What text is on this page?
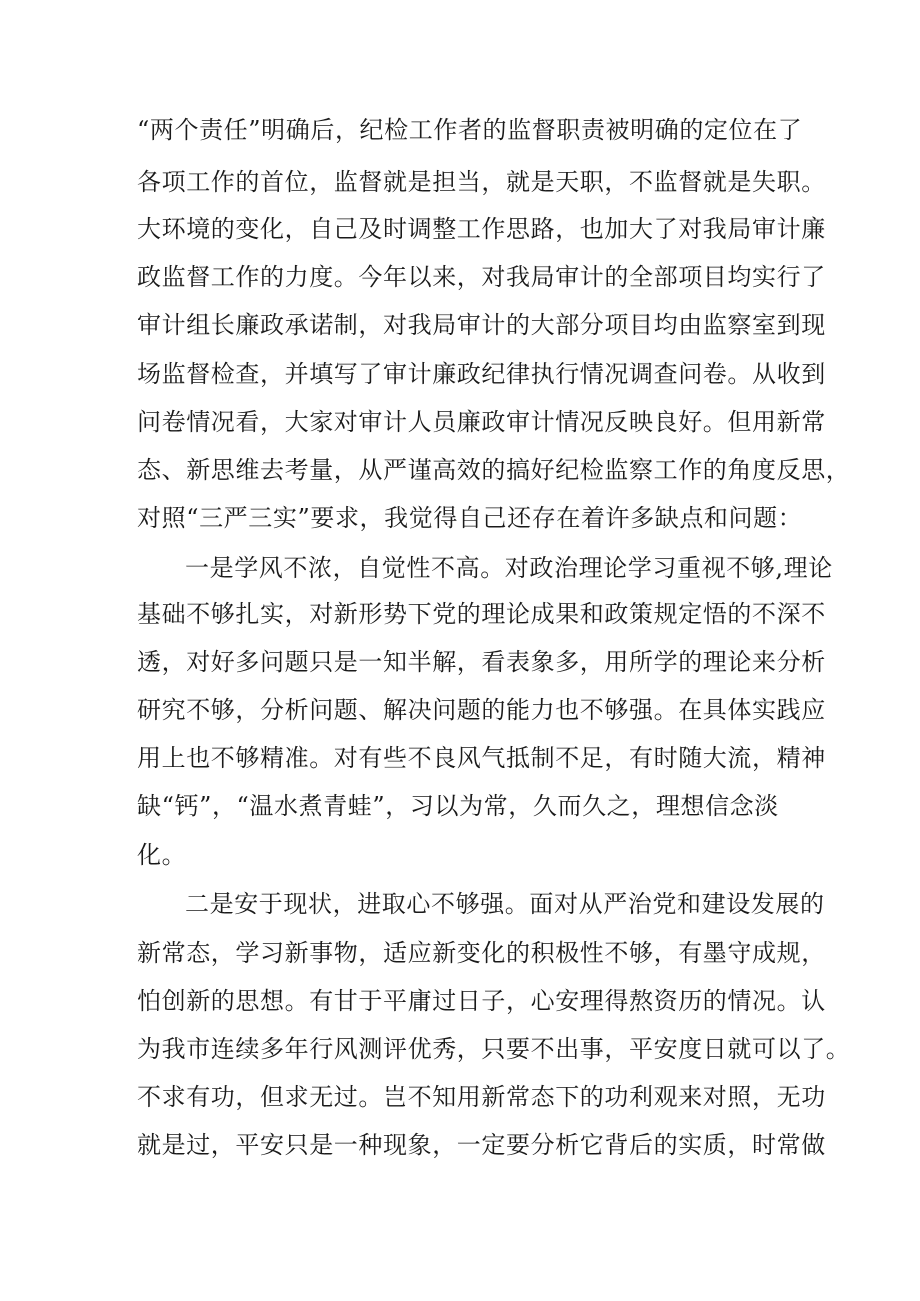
“两个责任”明确后，纪检工作者的监督职责被明确的定位在了
各项工作的首位，监督就是担当，就是天职，不监督就是失职。
大环境的变化，自己及时调整工作思路，也加大了对我局审计廉
政监督工作的力度。今年以来，对我局审计的全部项目均实行了
审计组长廉政承诺制，对我局审计的大部分项目均由监察室到现
场监督检查，并填写了审计廉政纪律执行情况调查问卷。从收到
问卷情况看，大家对审计人员廉政审计情况反映良好。但用新常
态、新思维去考量，从严谨高效的搞好纪检监察工作的角度反思，
对照“三严三实”要求，我觉得自己还存在着许多缺点和问题：
一是学风不浓，自觉性不高。对政治理论学习重视不够,理论
基础不够扎实，对新形势下党的理论成果和政策规定悟的不深不
透，对好多问题只是一知半解，看表象多，用所学的理论来分析
研究不够，分析问题、解决问题的能力也不够强。在具体实践应
用上也不够精准。对有些不良风气抵制不足，有时随大流，精神
缺“钙”，“温水煮青蛙”，习以为常，久而久之，理想信念淡
化。
二是安于现状，进取心不够强。面对从严治党和建设发展的
新常态，学习新事物，适应新变化的积极性不够，有墨守成规，
怕创新的思想。有甘于平庸过日子，心安理得熬资历的情况。认
为我市连续多年行风测评优秀，只要不出事，平安度日就可以了。
不求有功，但求无过。岂不知用新常态下的功利观来对照，无功
就是过，平安只是一种现象，一定要分析它背后的实质，时常做
